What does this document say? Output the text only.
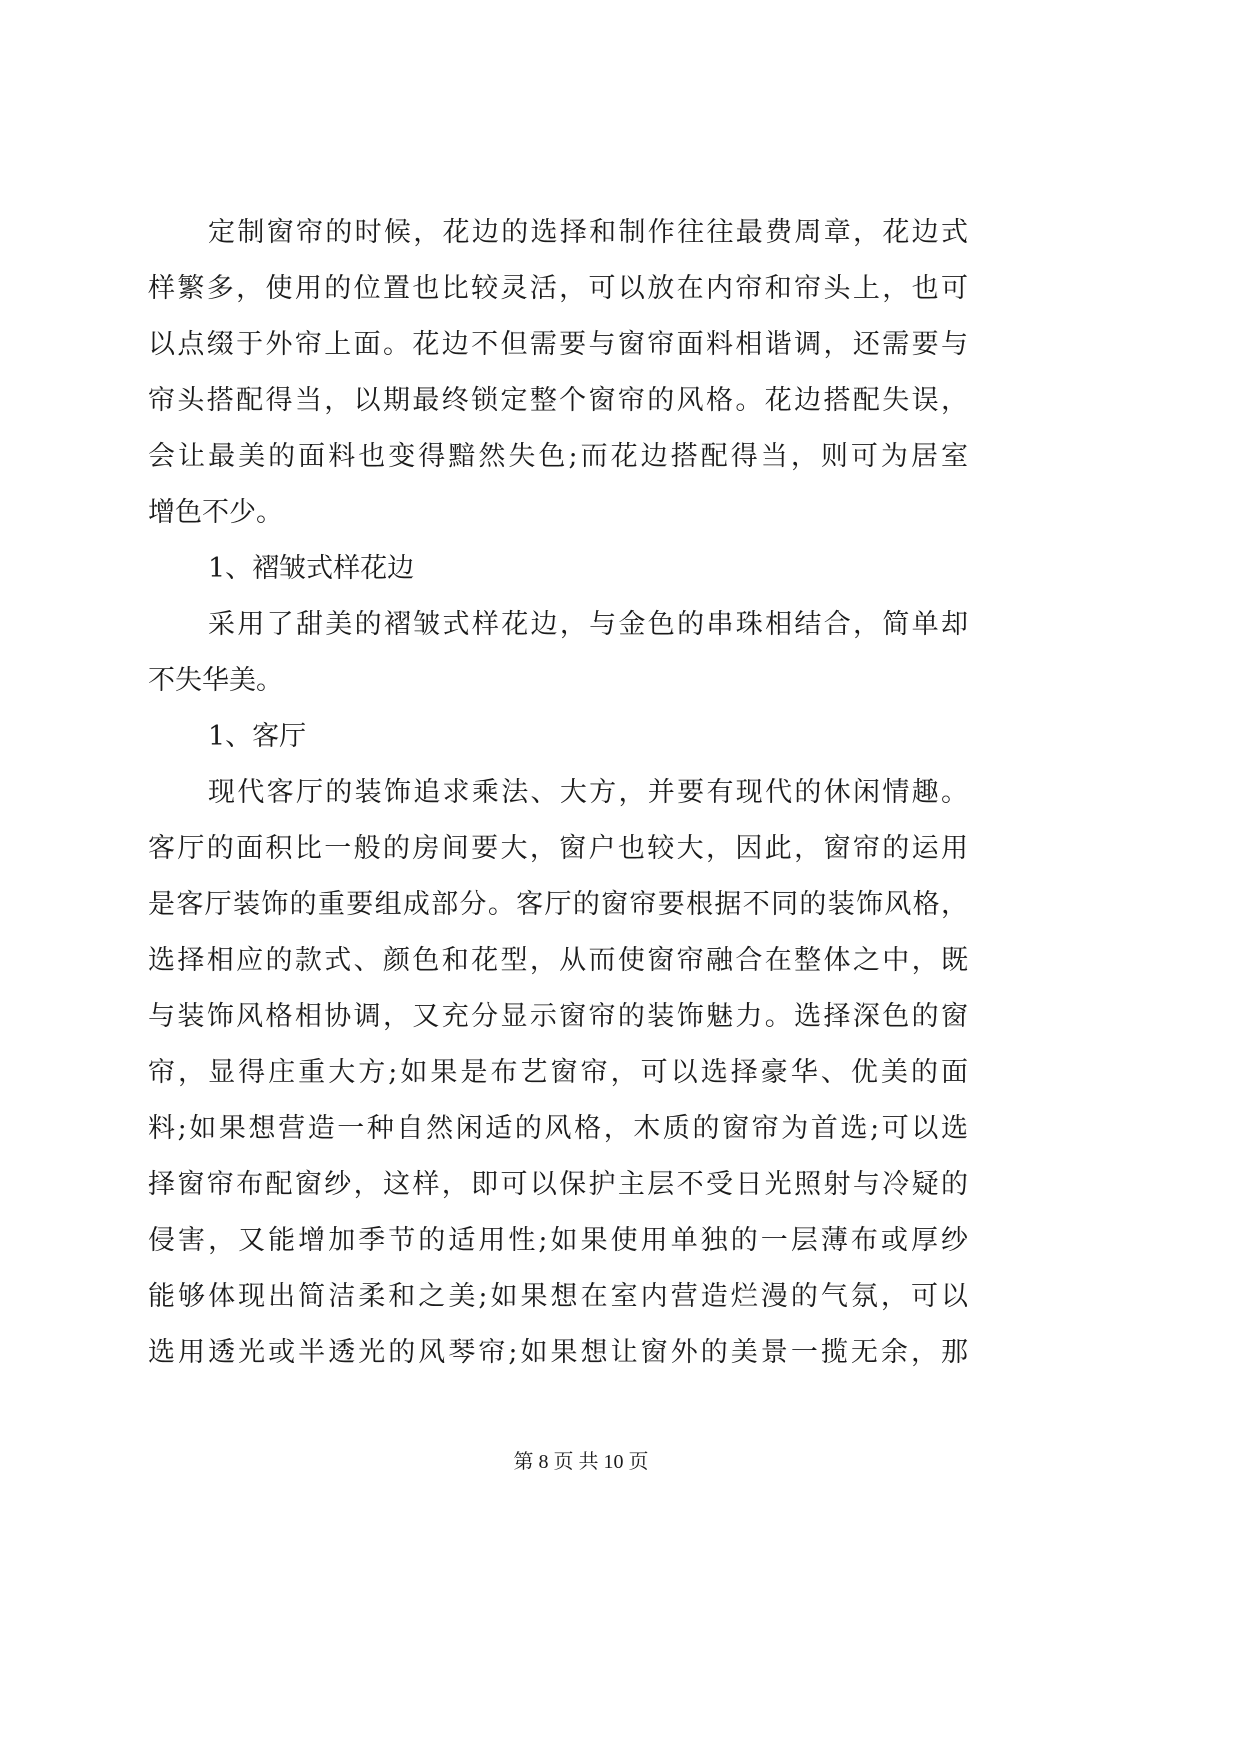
定制窗帘的时候，花边的选择和制作往往最费周章，花边式
样繁多，使用的位置也比较灵活，可以放在内帘和帘头上，也可
以点缀于外帘上面。花边不但需要与窗帘面料相谐调，还需要与
帘头搭配得当，以期最终锁定整个窗帘的风格。花边搭配失误，
会让最美的面料也变得黯然失色;而花边搭配得当，则可为居室
增色不少。
1、褶皱式样花边
采用了甜美的褶皱式样花边，与金色的串珠相结合，简单却
不失华美。
1、客厅
现代客厅的装饰追求乘法、大方，并要有现代的休闲情趣。
客厅的面积比一般的房间要大，窗户也较大，因此，窗帘的运用
是客厅装饰的重要组成部分。客厅的窗帘要根据不同的装饰风格，
选择相应的款式、颜色和花型，从而使窗帘融合在整体之中，既
与装饰风格相协调，又充分显示窗帘的装饰魅力。选择深色的窗
帘，显得庄重大方;如果是布艺窗帘，可以选择豪华、优美的面
料;如果想营造一种自然闲适的风格，木质的窗帘为首选;可以选
择窗帘布配窗纱，这样，即可以保护主层不受日光照射与冷疑的
侵害，又能增加季节的适用性;如果使用单独的一层薄布或厚纱
能够体现出简洁柔和之美;如果想在室内营造烂漫的气氛，可以
选用透光或半透光的风琴帘;如果想让窗外的美景一揽无余，那
第 8 页 共 10 页
